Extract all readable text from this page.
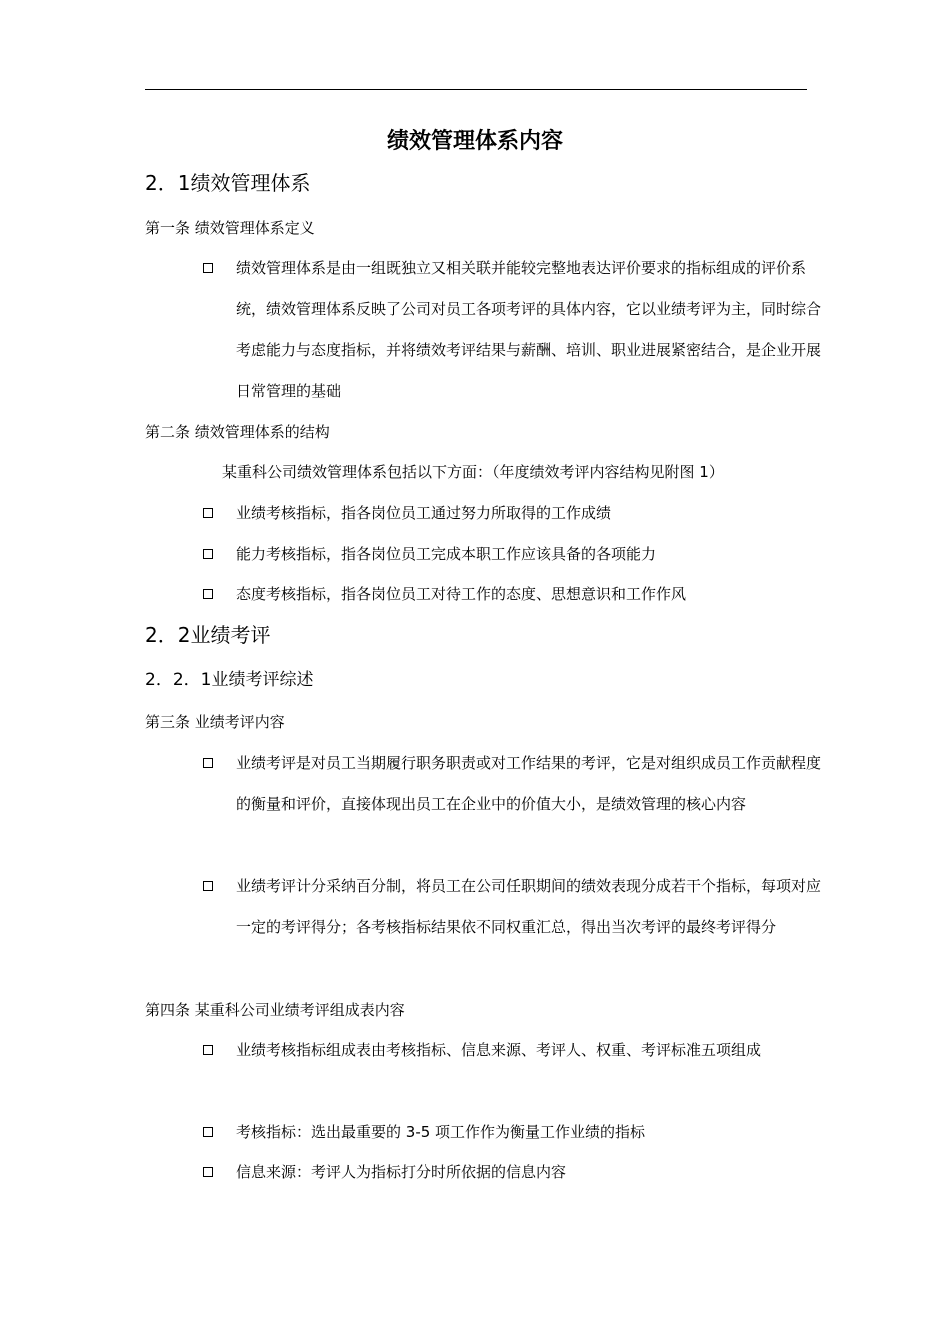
绩效管理体系内容
2．1绩效管理体系
第一条 绩效管理体系定义
绩效管理体系是由一组既独立又相关联并能较完整地表达评价要求的指标组成的评价系统，绩效管理体系反映了公司对员工各项考评的具体内容，它以业绩考评为主，同时综合考虑能力与态度指标，并将绩效考评结果与薪酬、培训、职业进展紧密结合，是企业开展日常管理的基础
第二条 绩效管理体系的结构
某重科公司绩效管理体系包括以下方面：（年度绩效考评内容结构见附图 1）
业绩考核指标，指各岗位员工通过努力所取得的工作成绩
能力考核指标，指各岗位员工完成本职工作应该具备的各项能力
态度考核指标，指各岗位员工对待工作的态度、思想意识和工作作风
2．2业绩考评
2．2．1业绩考评综述
第三条 业绩考评内容
业绩考评是对员工当期履行职务职责或对工作结果的考评，它是对组织成员工作贡献程度的衡量和评价，直接体现出员工在企业中的价值大小，是绩效管理的核心内容
业绩考评计分采纳百分制，将员工在公司任职期间的绩效表现分成若干个指标，每项对应一定的考评得分；各考核指标结果依不同权重汇总，得出当次考评的最终考评得分
第四条 某重科公司业绩考评组成表内容
业绩考核指标组成表由考核指标、信息来源、考评人、权重、考评标准五项组成
考核指标：选出最重要的 3-5 项工作作为衡量工作业绩的指标
信息来源：考评人为指标打分时所依据的信息内容
